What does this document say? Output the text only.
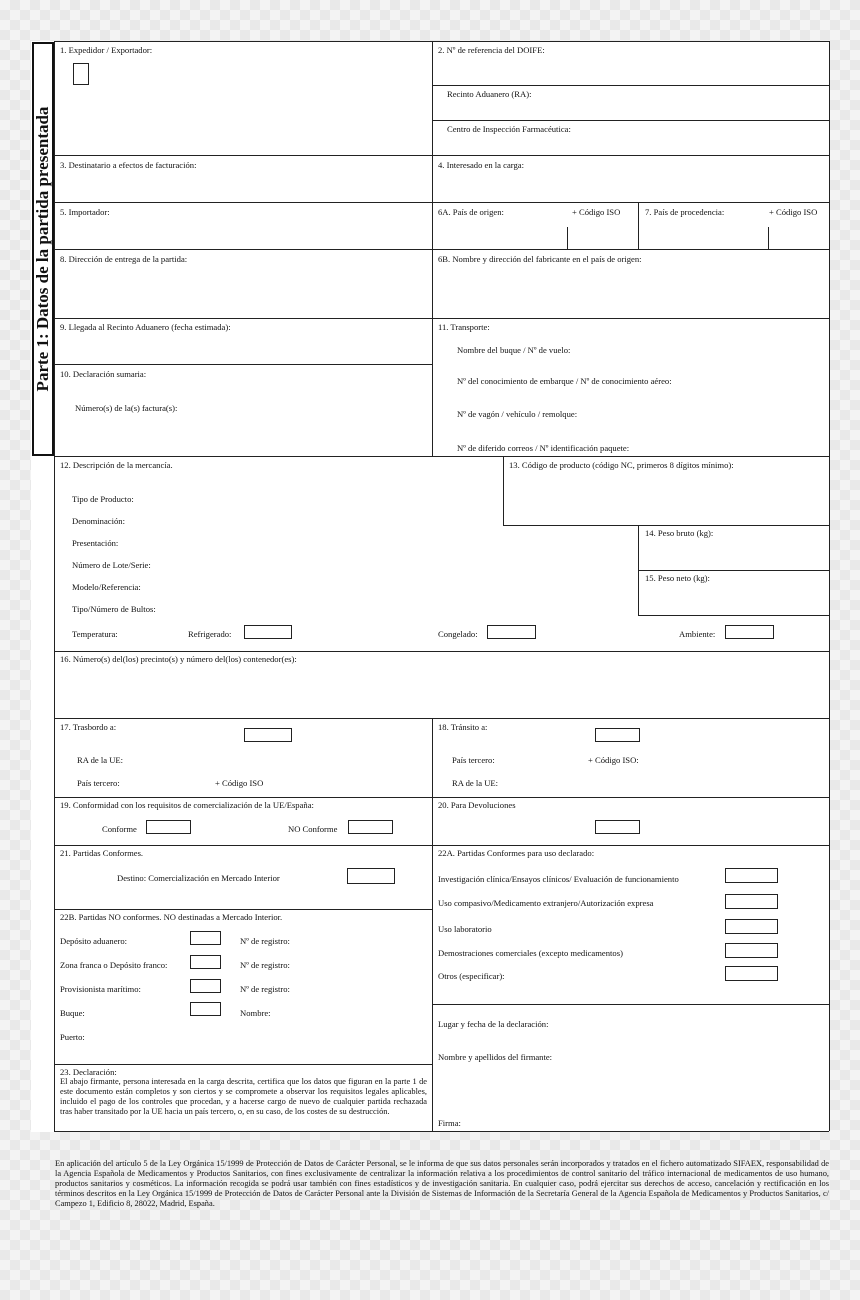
Parte 1: Datos de la partida presentada
1. Expedidor / Exportador:	2. Nº de referencia del DOIFE:
Recinto Aduanero (RA):
Centro de Inspección Farmacéutica:
3. Destinatario a efectos de facturación:	4. Interesado en la carga:
5. Importador:	6A. País de origen:	+ Código ISO	7. País de procedencia:	+ Código ISO
8. Dirección de entrega de la partida:	6B. Nombre y dirección del fabricante en el país de origen:
9. Llegada al Recinto Aduanero (fecha estimada):	11. Transporte:
Nombre del buque / Nº de vuelo:
Nº del conocimiento de embarque / Nº de conocimiento aéreo:
Nº de vagón / vehículo / remolque:
Nº de diferido correos / Nº identificación paquete:
10. Declaración sumaria:
Número(s) de la(s) factura(s):
12. Descripción de la mercancía.	13. Código de producto (código NC, primeros 8 dígitos mínimo):
Tipo de Producto:
Denominación:
Presentación:
Número de Lote/Serie:
Modelo/Referencia:
Tipo/Número de Bultos:
14. Peso bruto (kg):
15. Peso neto (kg):
Temperatura:	Refrigerado:	Congelado:	Ambiente:
16. Número(s) del(los) precinto(s) y número del(los) contenedor(es):
17. Trasbordo a:
RA de la UE:
País tercero:	+ Código ISO
18. Tránsito a:
País tercero:	+ Código ISO:
RA de la UE:
19. Conformidad con los requisitos de comercialización de la UE/España:
Conforme	NO Conforme
20. Para Devoluciones
21. Partidas Conformes.
Destino: Comercialización en Mercado Interior
22A. Partidas Conformes para uso declarado:
Investigación clínica/Ensayos clínicos/ Evaluación de funcionamiento
Uso compasivo/Medicamento extranjero/Autorización expresa
Uso laboratorio
Demostraciones comerciales (excepto medicamentos)
Otros (especificar):
22B. Partidas NO conformes. NO destinadas a Mercado Interior.
Depósito aduanero:	Nº de registro:
Zona franca o Depósito franco:	Nº de registro:
Provisionista marítimo:	Nº de registro:
Buque:	Nombre:
Puerto:
Lugar y fecha de la declaración:
Nombre y apellidos del firmante:
Firma:
23. Declaración:
El abajo firmante, persona interesada en la carga descrita, certifica que los datos que figuran en la parte 1 de este documento están completos y son ciertos y se compromete a observar los requisitos legales aplicables, incluido el pago de los controles que procedan, y a hacerse cargo de nuevo de cualquier partida rechazada tras haber transitado por la UE hacia un país tercero, o, en su caso, de los costes de su destrucción.
En aplicación del artículo 5 de la Ley Orgánica 15/1999 de Protección de Datos de Carácter Personal, se le informa de que sus datos personales serán incorporados y tratados en el fichero automatizado SIFAEX, responsabilidad de la Agencia Española de Medicamentos y Productos Sanitarios, con fines exclusivamente de centralizar la información relativa a los procedimientos de control sanitario del tráfico internacional de medicamentos de uso humano, productos sanitarios y cosméticos. La información recogida se podrá usar también con fines estadísticos y de investigación sanitaria. En cualquier caso, podrá ejercitar sus derechos de acceso, cancelación y rectificación en los términos descritos en la Ley Orgánica 15/1999 de Protección de Datos de Carácter Personal ante la División de Sistemas de Información de la Secretaría General de la Agencia Española de Medicamentos y Productos Sanitarios, c/ Campezo 1, Edificio 8, 28022, Madrid, España.
